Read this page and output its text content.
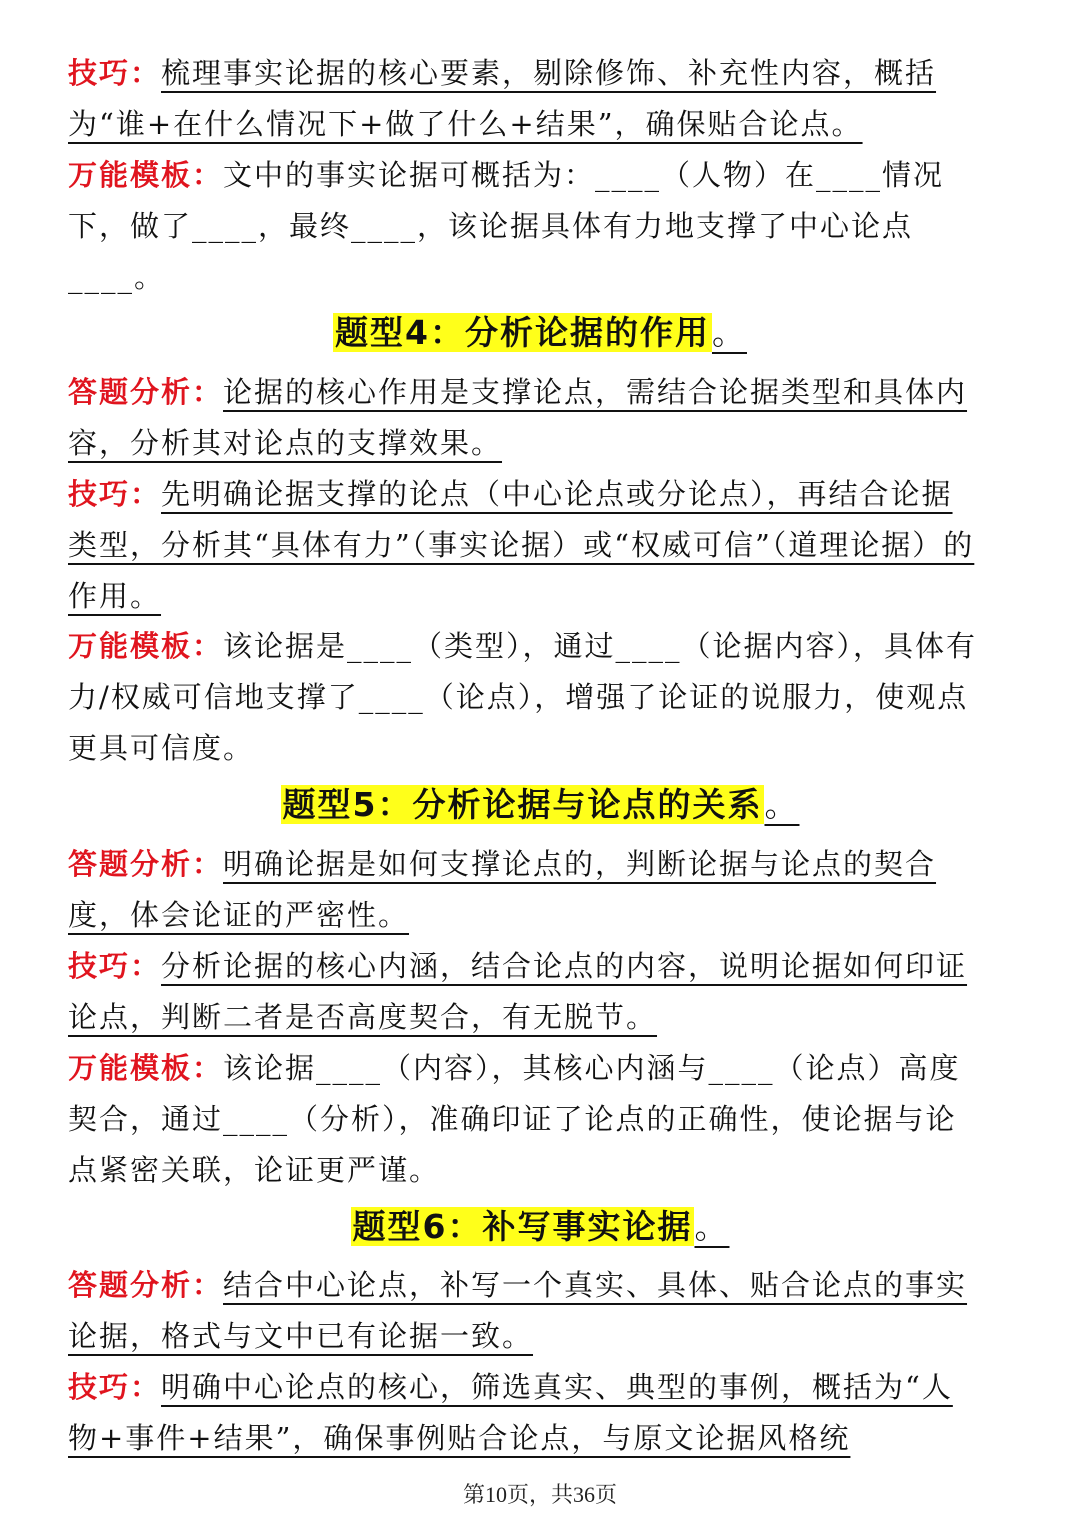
技巧：梳理事实论据的核心要素，剔除修饰、补充性内容，概括为“谁+在什么情况下+做了什么+结果”，确保贴合论点。

万能模板：文中的事实论据可概括为：____（人物）在____情况下，做了____，最终____，该论据具体有力地支撑了中心论点____。

题型4：分析论据的作用。

答题分析：论据的核心作用是支撑论点，需结合论据类型和具体内容，分析其对论点的支撑效果。

技巧：先明确论据支撑的论点（中心论点或分论点），再结合论据类型，分析其“具体有力”（事实论据）或“权威可信”（道理论据）的作用。

万能模板：该论据是____（类型），通过____（论据内容），具体有力/权威可信地支撑了____（论点），增强了论证的说服力，使观点更具可信度。

题型5：分析论据与论点的关系。

答题分析：明确论据是如何支撑论点的，判断论据与论点的契合度，体会论证的严密性。

技巧：分析论据的核心内涵，结合论点的内容，说明论据如何印证论点，判断二者是否高度契合，有无脱节。

万能模板：该论据____（内容），其核心内涵与____（论点）高度契合，通过____（分析），准确印证了论点的正确性，使论据与论点紧密关联，论证更严谨。

题型6：补写事实论据。

答题分析：结合中心论点，补写一个真实、具体、贴合论点的事实论据，格式与文中已有论据一致。

技巧：明确中心论点的核心，筛选真实、典型的事例，概括为“人物+事件+结果”，确保事例贴合论点，与原文论据风格统

第10页，共36页
